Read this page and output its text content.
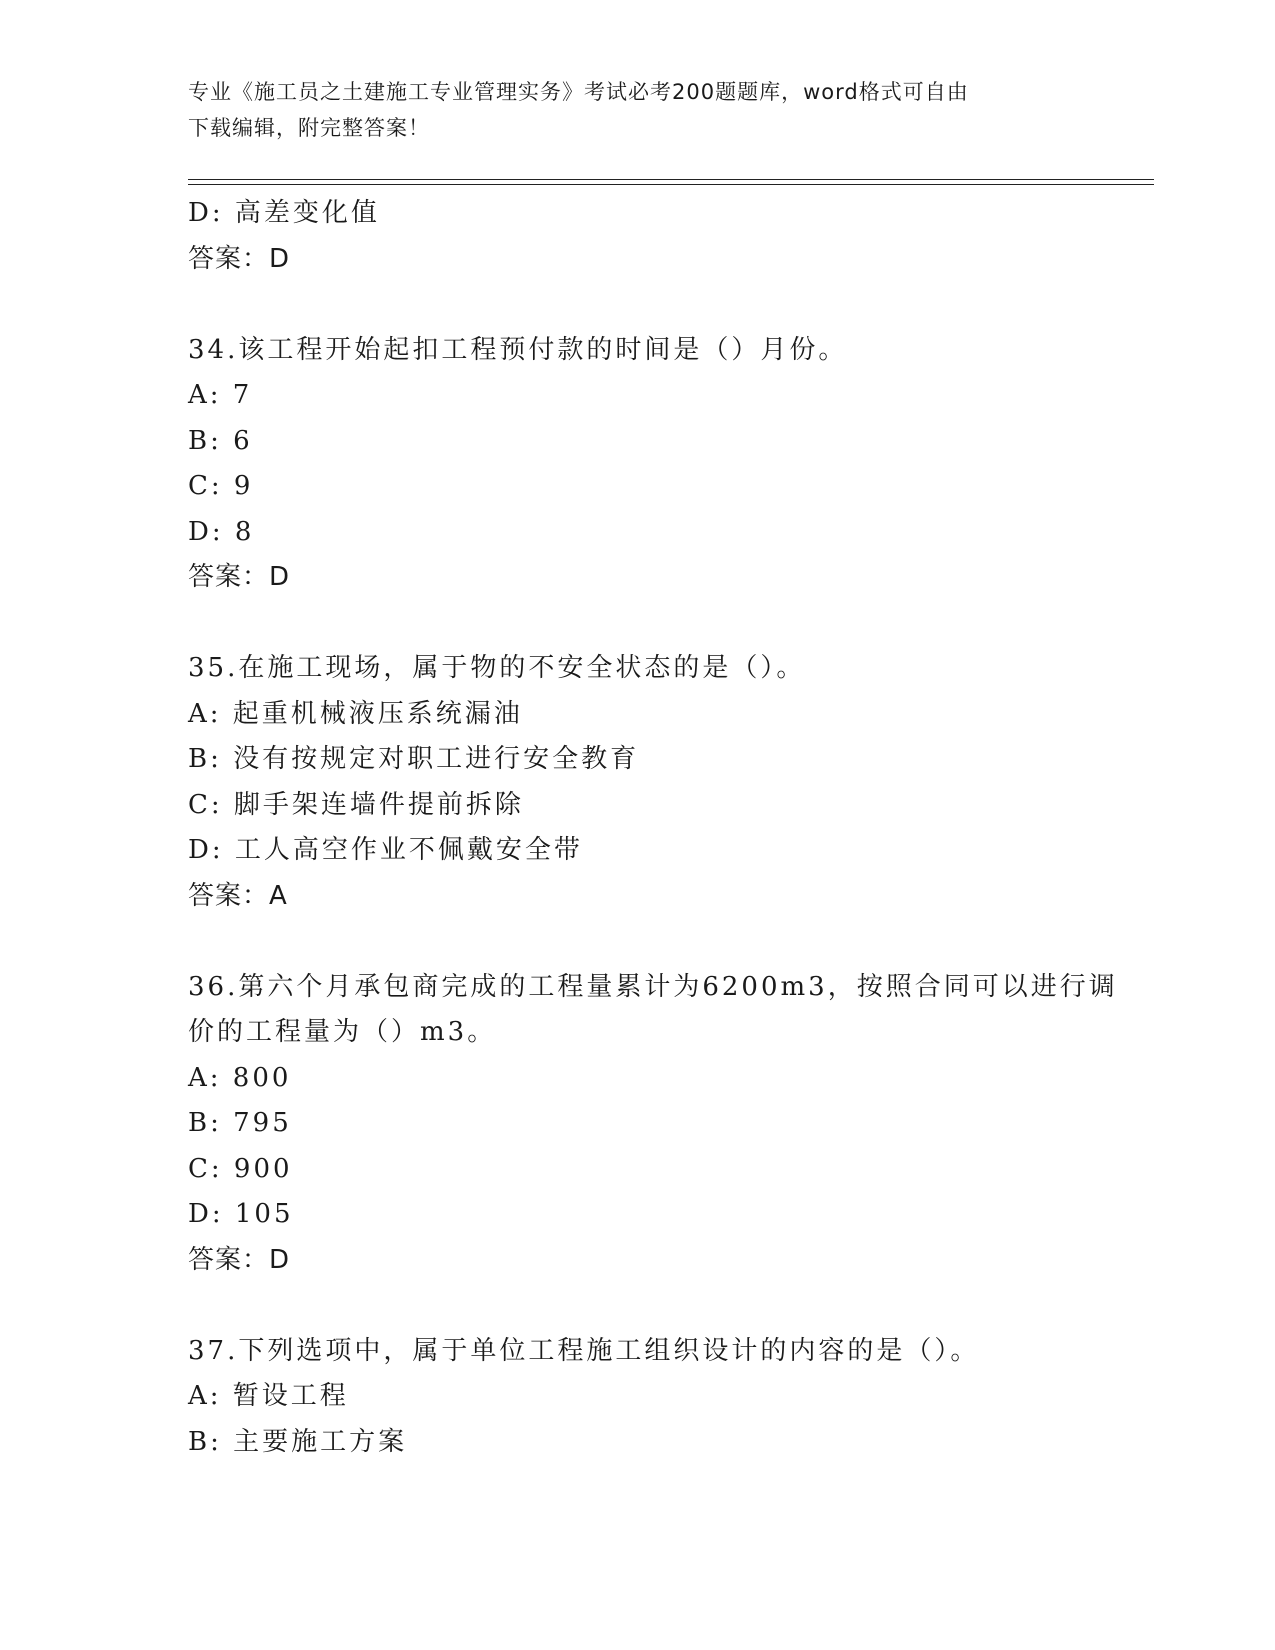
专业《施工员之土建施工专业管理实务》考试必考200题题库，word格式可自由
下载编辑，附完整答案！
D: 高差变化值
答案：D
34.该工程开始起扣工程预付款的时间是（）月份。
A: 7
B: 6
C: 9
D: 8
答案：D
35.在施工现场，属于物的不安全状态的是（）。
A: 起重机械液压系统漏油
B: 没有按规定对职工进行安全教育
C: 脚手架连墙件提前拆除
D: 工人高空作业不佩戴安全带
答案：A
36.第六个月承包商完成的工程量累计为6200m3，按照合同可以进行调
价的工程量为（）m3。
A: 800
B: 795
C: 900
D: 105
答案：D
37.下列选项中，属于单位工程施工组织设计的内容的是（）。
A: 暂设工程
B: 主要施工方案
